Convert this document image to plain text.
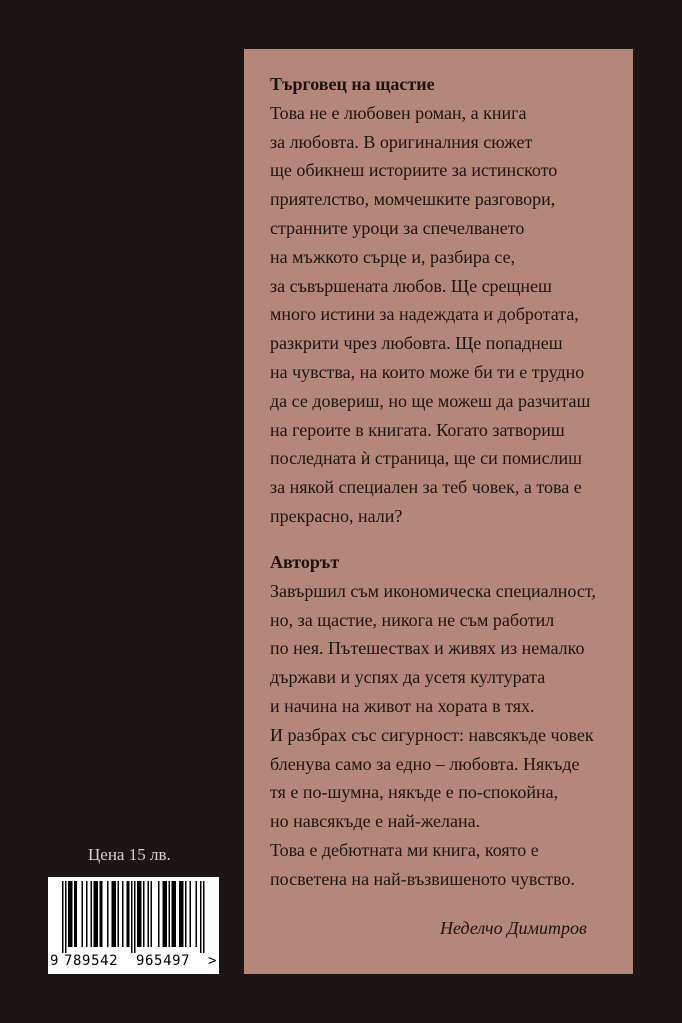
Търговец на щастие
Това не е любовен роман, а книга
за любовта. В оригиналния сюжет
ще обикнеш историите за истинското
приятелство, момчешките разговори,
странните уроци за спечелването
на мъжкото сърце и, разбира се,
за съвършената любов. Ще срещнеш
много истини за надеждата и добротата,
разкрити чрез любовта. Ще попаднеш
на чувства, на които може би ти е трудно
да се довериш, но ще можеш да разчиташ
на героите в книгата. Когато затвориш
последната ѝ страница, ще си помислиш
за някой специален за теб човек, а това е
прекрасно, нали?
Авторът
Завършил съм икономическа специалност,
но, за щастие, никога не съм работил
по нея. Пътешествах и живях из немалко
държави и успях да усетя културата
и начина на живот на хората в тях.
И разбрах със сигурност: навсякъде човек
бленува само за едно – любовта. Някъде
тя е по-шумна, някъде е по-спокойна,
но навсякъде е най-желана.
Това е дебютната ми книга, която е
посветена на най-възвишеното чувство.
Неделчо Димитров
Цена 15 лв.
9 789542 965497 >
